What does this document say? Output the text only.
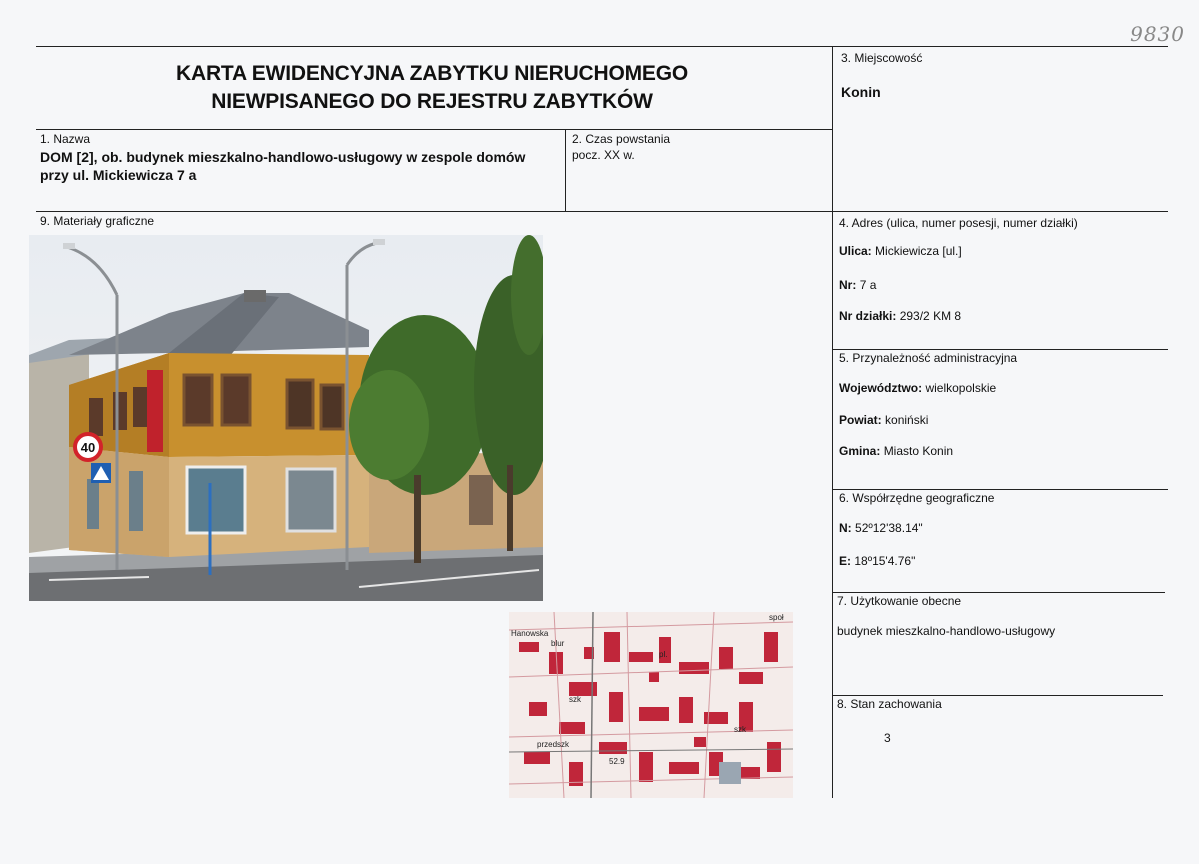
9830
KARTA EWIDENCYJNA ZABYTKU NIERUCHOMEGO
NIEWPISANEGO DO REJESTRU ZABYTKÓW
3. Miejscowość
Konin
1. Nazwa
DOM [2], ob. budynek mieszkalno-handlowo-usługowy w zespole domów
przy ul. Mickiewicza 7 a
2. Czas powstania
pocz. XX w.
9. Materiały graficzne	4. Adres (ulica, numer posesji, numer działki)
Ulica: Mickiewicza [ul.]
Nr: 7 a
Nr działki: 293/2 KM 8
5. Przynależność administracyjna
Województwo: wielkopolskie
Powiat: koniński
Gmina: Miasto Konin
6. Współrzędne geograficzne
N: 52º12'38.14"
E: 18º15'4.76"
7. Użytkowanie obecne
budynek mieszkalno-handlowo-usługowy
8. Stan zachowania
3
40
Hanowska
blur
szk
pl.
przedszk
szk
społ
52.9
